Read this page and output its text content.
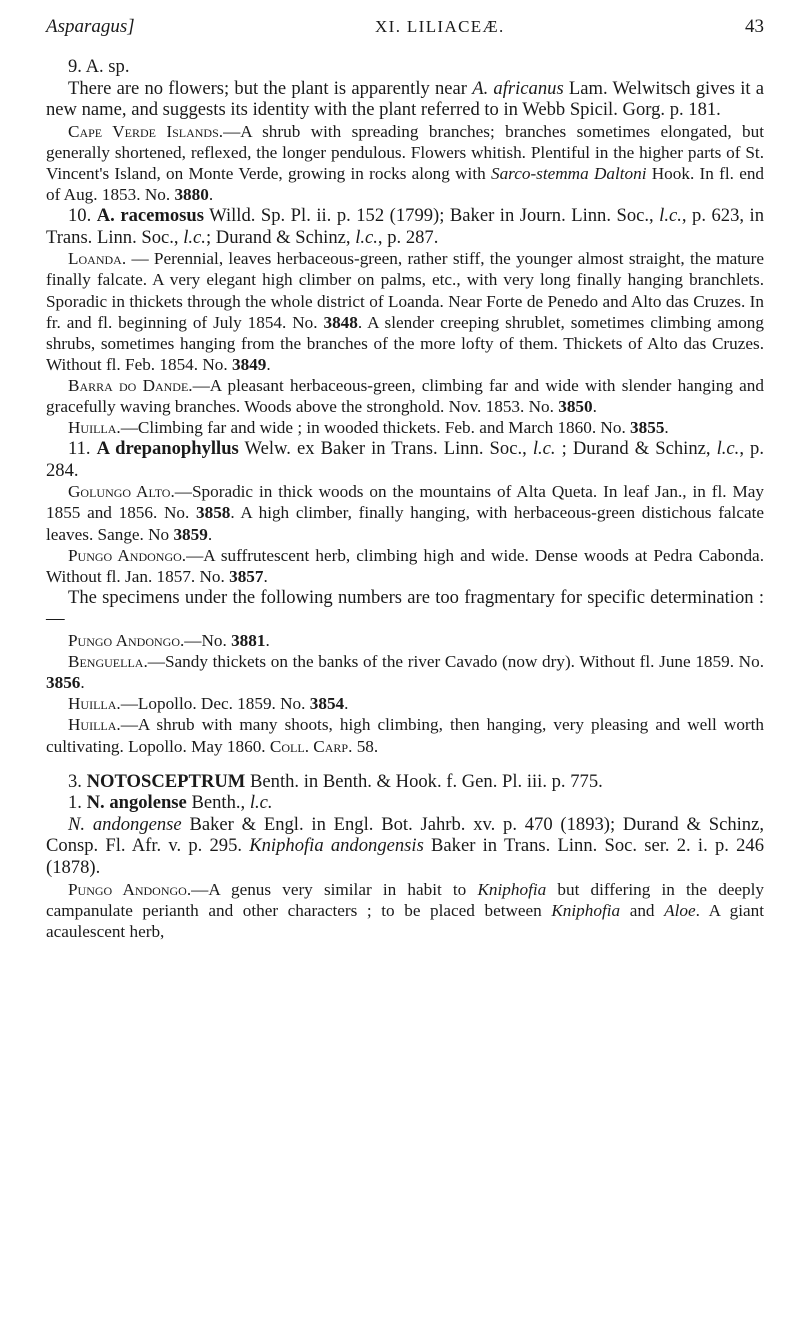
Asparagus]	XI. LILIACEÆ.	43

9. A. sp.

There are no flowers; but the plant is apparently near A. africanus Lam. Welwitsch gives it a new name, and suggests its identity with the plant referred to in Webb Spicil. Gorg. p. 181.

Cape Verde Islands.—A shrub with spreading branches; branches sometimes elongated, but generally shortened, reflexed, the longer pendulous. Flowers whitish. Plentiful in the higher parts of St. Vincent's Island, on Monte Verde, growing in rocks along with Sarco-stemma Daltoni Hook. In fl. end of Aug. 1853. No. 3880.

10. A. racemosus Willd. Sp. Pl. ii. p. 152 (1799); Baker in Journ. Linn. Soc., l.c., p. 623, in Trans. Linn. Soc., l.c.; Durand & Schinz, l.c., p. 287.

Loanda. — Perennial, leaves herbaceous-green, rather stiff, the younger almost straight, the mature finally falcate. A very elegant high climber on palms, etc., with very long finally hanging branchlets. Sporadic in thickets through the whole district of Loanda. Near Forte de Penedo and Alto das Cruzes. In fr. and fl. beginning of July 1854. No. 3848. A slender creeping shrublet, sometimes climbing among shrubs, sometimes hanging from the branches of the more lofty of them. Thickets of Alto das Cruzes. Without fl. Feb. 1854. No. 3849.

Barra do Dande.—A pleasant herbaceous-green, climbing far and wide with slender hanging and gracefully waving branches. Woods above the stronghold. Nov. 1853. No. 3850.

Huilla.—Climbing far and wide ; in wooded thickets. Feb. and March 1860. No. 3855.

11. A drepanophyllus Welw. ex Baker in Trans. Linn. Soc., l.c. ; Durand & Schinz, l.c., p. 284.

Golungo Alto.—Sporadic in thick woods on the mountains of Alta Queta. In leaf Jan., in fl. May 1855 and 1856. No. 3858. A high climber, finally hanging, with herbaceous-green distichous falcate leaves. Sange. No 3859.

Pungo Andongo.—A suffrutescent herb, climbing high and wide. Dense woods at Pedra Cabonda. Without fl. Jan. 1857. No. 3857.

The specimens under the following numbers are too fragmentary for specific determination :—

Pungo Andongo.—No. 3881.

Benguella.—Sandy thickets on the banks of the river Cavado (now dry). Without fl. June 1859. No. 3856.

Huilla.—Lopollo. Dec. 1859. No. 3854.

Huilla.—A shrub with many shoots, high climbing, then hanging, very pleasing and well worth cultivating. Lopollo. May 1860. Coll. Carp. 58.

3. NOTOSCEPTRUM Benth. in Benth. & Hook. f. Gen. Pl. iii. p. 775.

1. N. angolense Benth., l.c.

N. andongense Baker & Engl. in Engl. Bot. Jahrb. xv. p. 470 (1893); Durand & Schinz, Consp. Fl. Afr. v. p. 295. Kniphofia andongensis Baker in Trans. Linn. Soc. ser. 2. i. p. 246 (1878).

Pungo Andongo.—A genus very similar in habit to Kniphofia but differing in the deeply campanulate perianth and other characters ; to be placed between Kniphofia and Aloe. A giant acaulescent herb,
